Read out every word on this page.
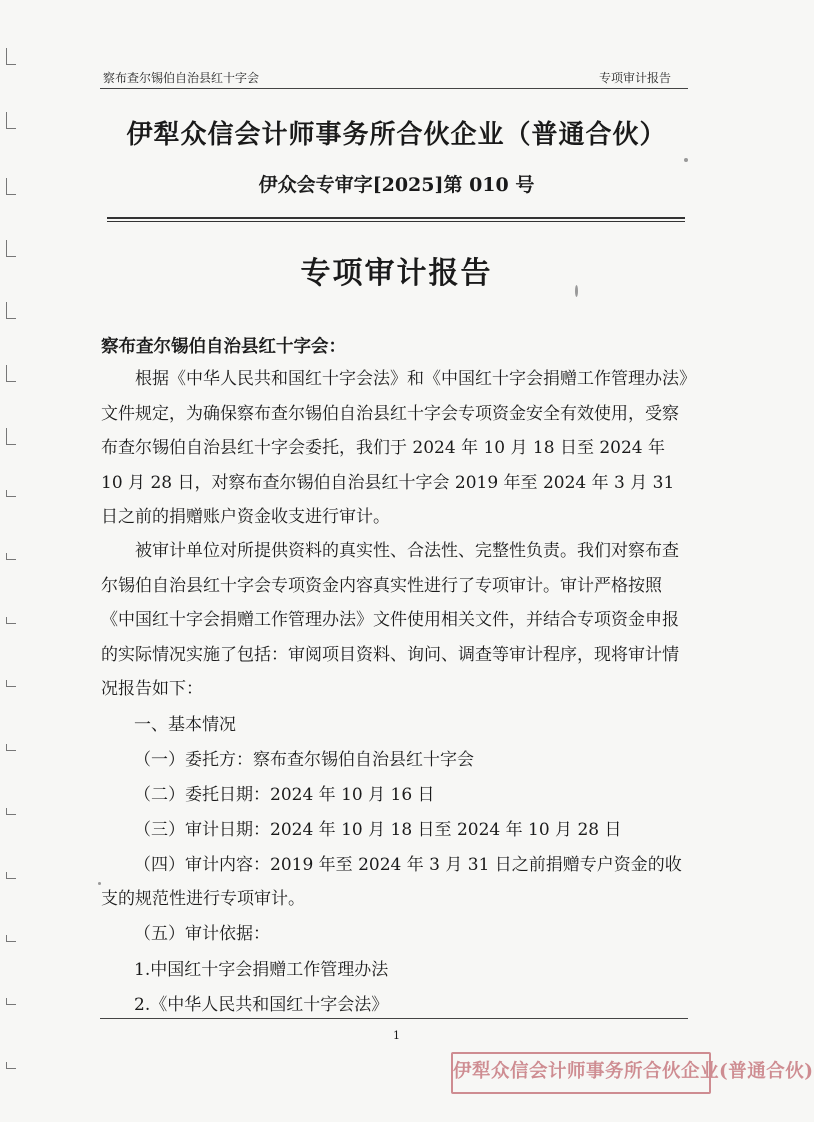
察布查尔锡伯自治县红十字会	专项审计报告
伊犁众信会计师事务所合伙企业（普通合伙）
伊众会专审字[2025]第 010 号
专项审计报告
察布查尔锡伯自治县红十字会：

根据《中华人民共和国红十字会法》和《中国红十字会捐赠工作管理办法》文件规定，为确保察布查尔锡伯自治县红十字会专项资金安全有效使用，受察布查尔锡伯自治县红十字会委托，我们于 2024 年 10 月 18 日至 2024 年 10 月 28 日，对察布查尔锡伯自治县红十字会 2019 年至 2024 年 3 月 31 日之前的捐赠账户资金收支进行审计。

被审计单位对所提供资料的真实性、合法性、完整性负责。我们对察布查尔锡伯自治县红十字会专项资金内容真实性进行了专项审计。审计严格按照《中国红十字会捐赠工作管理办法》文件使用相关文件，并结合专项资金申报的实际情况实施了包括：审阅项目资料、询问、调查等审计程序，现将审计情况报告如下：

一、基本情况
（一）委托方：察布查尔锡伯自治县红十字会
（二）委托日期：2024 年 10 月 16 日
（三）审计日期：2024 年 10 月 18 日至 2024 年 10 月 28 日
（四）审计内容：2019 年至 2024 年 3 月 31 日之前捐赠专户资金的收
支的规范性进行专项审计。
（五）审计依据：
1.中国红十字会捐赠工作管理办法
2.《中华人民共和国红十字会法》
1
伊犁众信会计师事务所合伙企业(普通合伙)
